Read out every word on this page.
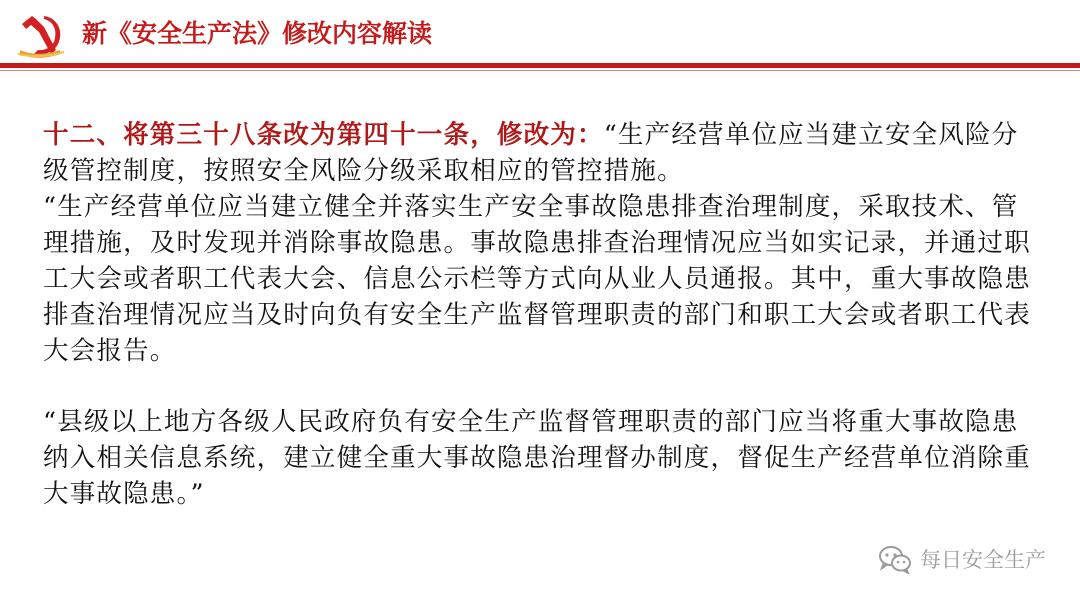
新《安全生产法》修改内容解读

十二、将第三十八条改为第四十一条，修改为：“生产经营单位应当建立安全风险分级管控制度，按照安全风险分级采取相应的管控措施。

“生产经营单位应当建立健全并落实生产安全事故隐患排查治理制度，采取技术、管理措施，及时发现并消除事故隐患。事故隐患排查治理情况应当如实记录，并通过职工大会或者职工代表大会、信息公示栏等方式向从业人员通报。其中，重大事故隐患排查治理情况应当及时向负有安全生产监督管理职责的部门和职工大会或者职工代表大会报告。

“县级以上地方各级人民政府负有安全生产监督管理职责的部门应当将重大事故隐患纳入相关信息系统，建立健全重大事故隐患治理督办制度，督促生产经营单位消除重大事故隐患。”

每日安全生产
